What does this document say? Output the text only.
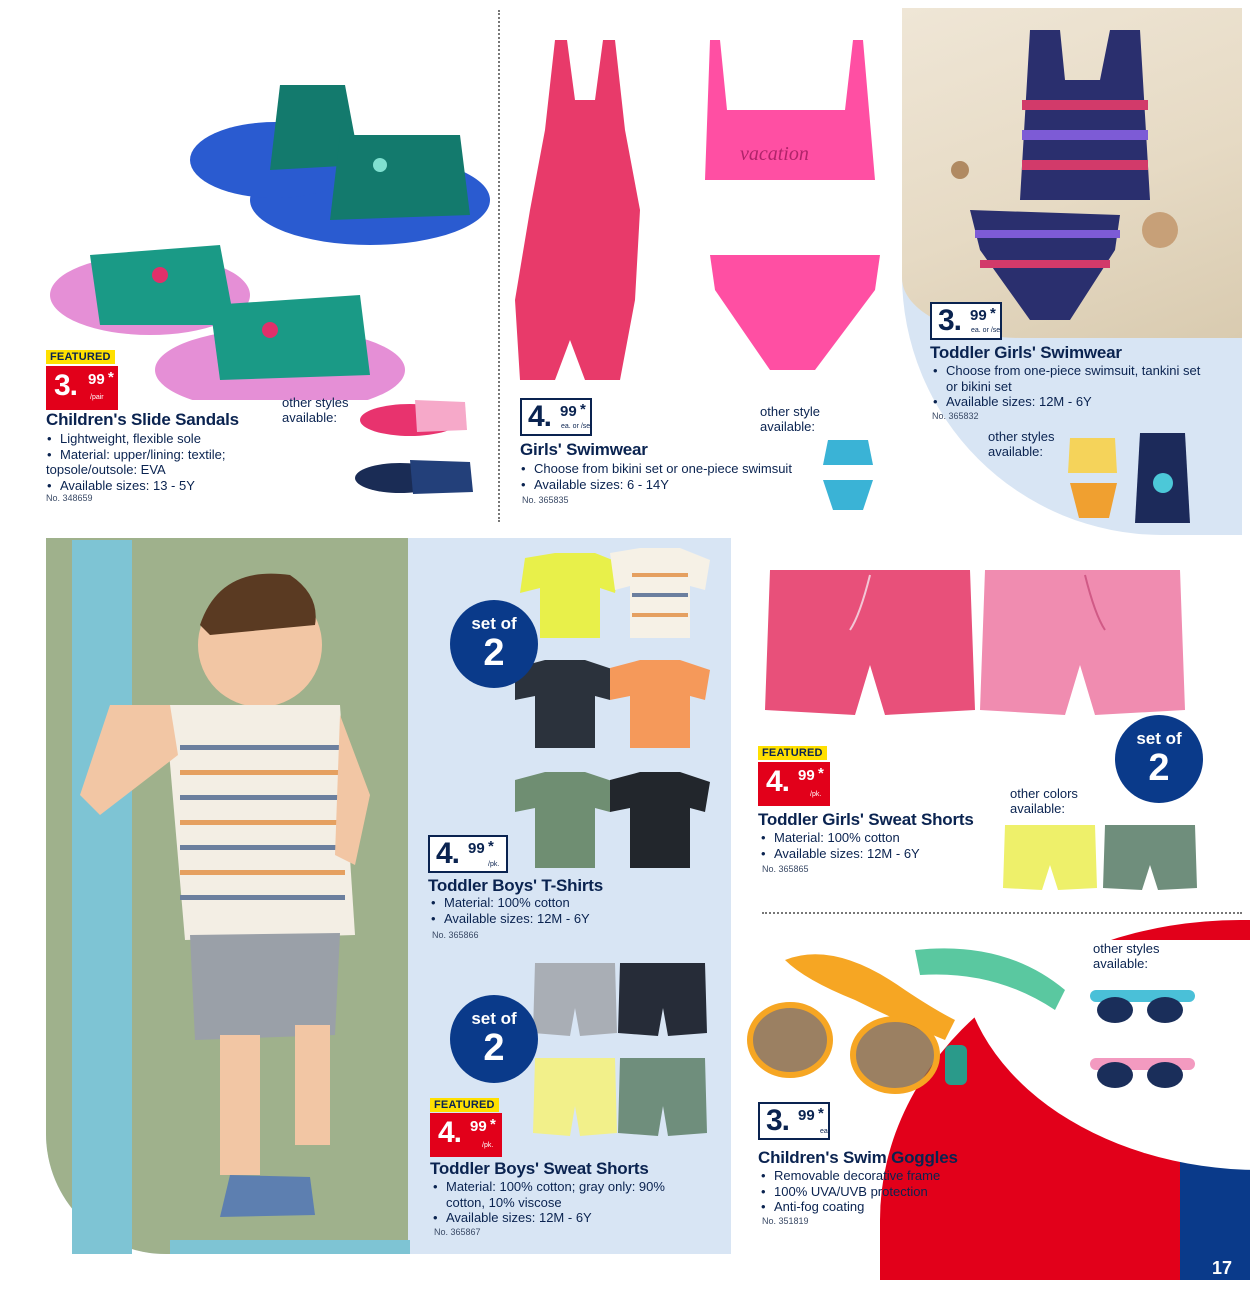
FEATURED
3. 99 *
/pair
Children's Slide Sandals
• Lightweight, flexible sole
• Material: upper/lining: textile;
topsole/outsole: EVA
• Available sizes: 13 - 5Y
No. 348659
other styles
available:
vacation
4. 99 *
ea. or /set
Girls' Swimwear
• Choose from bikini set or one-piece swimsuit
• Available sizes: 6 - 14Y
No. 365835
other style
available:
3. 99 *
ea. or /set
Toddler Girls' Swimwear
• Choose from one-piece swimsuit, tankini set
or bikini set
• Available sizes: 12M - 6Y
No. 365832
other styles
available:
set of
2
4. 99 *
/pk.
Toddler Boys' T-Shirts
• Material: 100% cotton
• Available sizes: 12M - 6Y
No. 365866
set of
2
FEATURED
4. 99 *
/pk.
Toddler Boys' Sweat Shorts
• Material: 100% cotton; gray only: 90%
cotton, 10% viscose
• Available sizes: 12M - 6Y
No. 365867
set of
2
FEATURED
4. 99 *
/pk.
Toddler Girls' Sweat Shorts
• Material: 100% cotton
• Available sizes: 12M - 6Y
No. 365865
other colors
available:
other styles
available:
3. 99 *
ea.
Children's Swim Goggles
• Removable decorative frame
• 100% UVA/UVB protection
• Anti-fog coating
No. 351819
17
